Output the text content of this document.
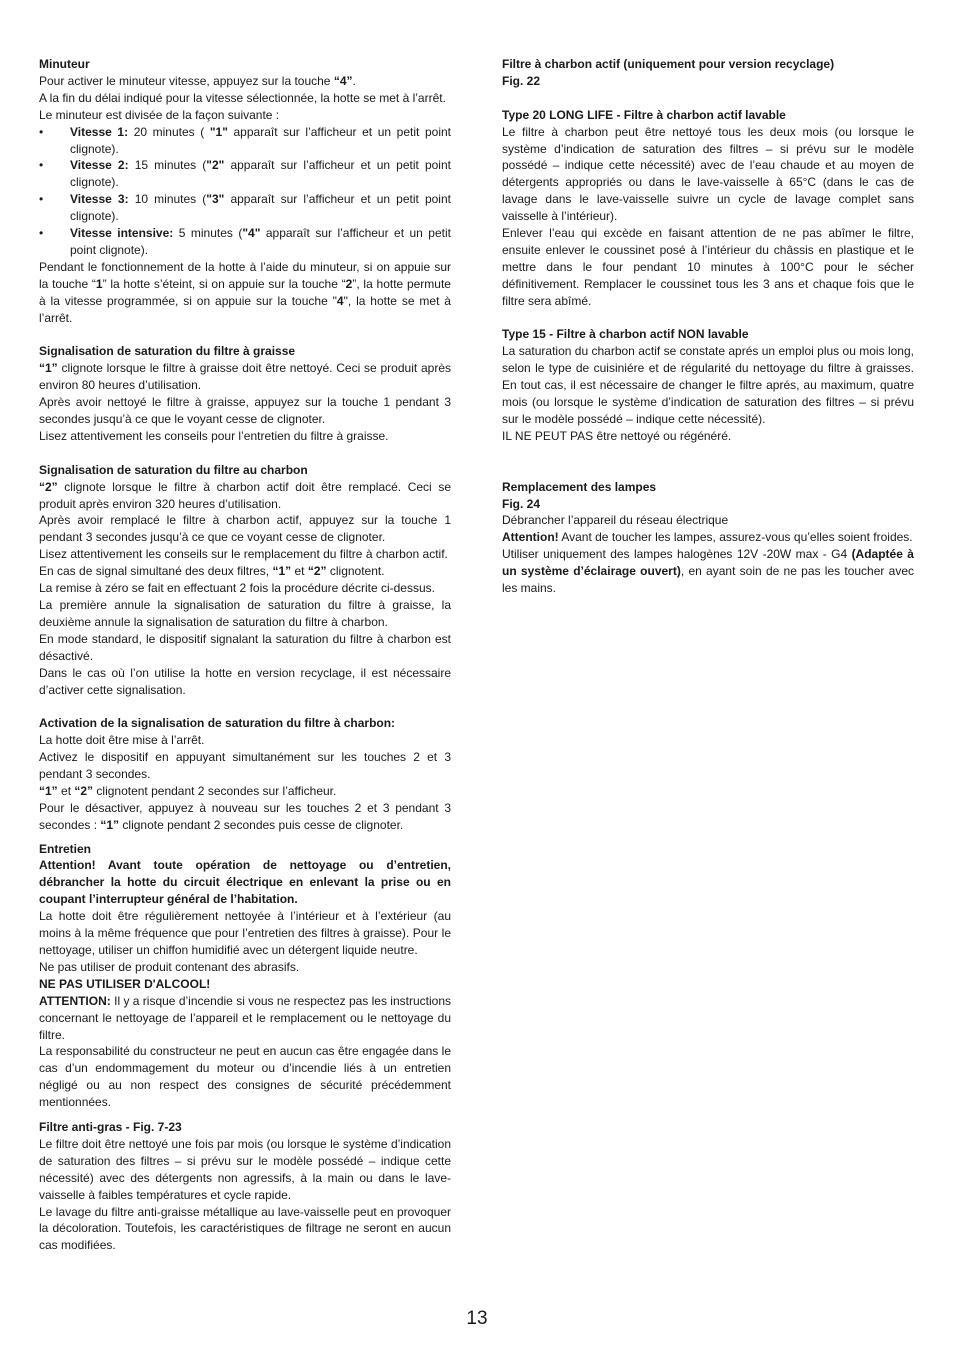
Minuteur

Pour activer le minuteur vitesse, appuyez sur la touche “4”.

A la fin du délai indiqué pour la vitesse sélectionnée, la hotte se met à l’arrêt.

Le minuteur est divisée de la façon suivante :

• Vitesse 1: 20 minutes ( "1" apparaît sur l’afficheur et un petit point clignote).
• Vitesse 2: 15 minutes ("2" apparaît sur l’afficheur et un petit point clignote).
• Vitesse 3: 10 minutes ("3" apparaît sur l’afficheur et un petit point clignote).
• Vitesse intensive: 5 minutes ("4" apparaît sur l’afficheur et un petit point clignote).

Pendant le fonctionnement de la hotte à l’aide du minuteur, si on appuie sur la touche “1” la hotte s’éteint, si on appuie sur la touche “2”, la hotte permute à la vitesse programmée, si on appuie sur la touche "4", la hotte se met à l’arrêt.

Signalisation de saturation du filtre à graisse

“1” clignote lorsque le filtre à graisse doit être nettoyé. Ceci se produit après environ 80 heures d’utilisation.

Après avoir nettoyé le filtre à graisse, appuyez sur la touche 1 pendant 3 secondes jusqu’à ce que le voyant cesse de clignoter.

Lisez attentivement les conseils pour l’entretien du filtre à graisse.

Signalisation de saturation du filtre au charbon

“2” clignote lorsque le filtre à charbon actif doit être remplacé. Ceci se produit après environ 320 heures d’utilisation.

Après avoir remplacé le filtre à charbon actif, appuyez sur la touche 1 pendant 3 secondes jusqu’à ce que ce voyant cesse de clignoter.

Lisez attentivement les conseils sur le remplacement du filtre à charbon actif.

En cas de signal simultané des deux filtres, “1” et “2” clignotent.

La remise à zéro se fait en effectuant 2 fois la procédure décrite ci-dessus.

La première annule la signalisation de saturation du filtre à graisse, la deuxième annule la signalisation de saturation du filtre à charbon.

En mode standard, le dispositif signalant la saturation du filtre à charbon est désactivé.

Dans le cas où l’on utilise la hotte en version recyclage, il est nécessaire d’activer cette signalisation.

Activation de la signalisation de saturation du filtre à charbon:

La hotte doit être mise à l’arrêt.

Activez le dispositif en appuyant simultanément sur les touches 2 et 3 pendant 3 secondes.

“1” et “2” clignotent pendant 2 secondes sur l’afficheur.

Pour le désactiver, appuyez à nouveau sur les touches 2 et 3 pendant 3 secondes : “1” clignote pendant 2 secondes puis cesse de clignoter.

Entretien

Attention! Avant toute opération de nettoyage ou d’entretien, débrancher la hotte du circuit électrique en enlevant la prise ou en coupant l’interrupteur général de l’habitation.

La hotte doit être régulièrement nettoyée à l’intérieur et à l’extérieur (au moins à la même fréquence que pour l’entretien des filtres à graisse). Pour le nettoyage, utiliser un chiffon humidifié avec un détergent liquide neutre.

Ne pas utiliser de produit contenant des abrasifs.

NE PAS UTILISER D'ALCOOL!

ATTENTION: Il y a risque d’incendie si vous ne respectez pas les instructions concernant le nettoyage de l’appareil et le remplacement ou le nettoyage du filtre.

La responsabilité du constructeur ne peut en aucun cas être engagée dans le cas d’un endommagement du moteur ou d’incendie liés à un entretien négligé ou au non respect des consignes de sécurité précédemment mentionnées.

Filtre anti-gras - Fig. 7-23

Le filtre doit être nettoyé une fois par mois (ou lorsque le système d’indication de saturation des filtres – si prévu sur le modèle possédé – indique cette nécessité) avec des détergents non agressifs, à la main ou dans le lave-vaisselle à faibles températures et cycle rapide.

Le lavage du filtre anti-graisse métallique au lave-vaisselle peut en provoquer la décoloration. Toutefois, les caractéristiques de filtrage ne seront en aucun cas modifiées.

Filtre à charbon actif (uniquement pour version recyclage)
Fig. 22
Type 20 LONG LIFE - Filtre à charbon actif lavable

Le filtre à charbon peut être nettoyé tous les deux mois (ou lorsque le système d’indication de saturation des filtres – si prévu sur le modèle possédé – indique cette nécessité) avec de l’eau chaude et au moyen de détergents appropriés ou dans le lave-vaisselle à 65°C (dans le cas de lavage dans le lave-vaisselle suivre un cycle de lavage complet sans vaisselle à l’intérieur).

Enlever l’eau qui excède en faisant attention de ne pas abîmer le filtre, ensuite enlever le coussinet posé à l’intérieur du châssis en plastique et le mettre dans le four pendant 10 minutes à 100°C pour le sécher définitivement. Remplacer le coussinet tous les 3 ans et chaque fois que le filtre sera abîmé.

Type 15 - Filtre à charbon actif NON lavable

La saturation du charbon actif se constate aprés un emploi plus ou mois long, selon le type de cuisiniére et de régularité du nettoyage du filtre à graisses. En tout cas, il est nécessaire de changer le filtre aprés, au maximum, quatre mois (ou lorsque le système d’indication de saturation des filtres – si prévu sur le modèle possédé – indique cette nécessité).

IL NE PEUT PAS être nettoyé ou régénéré.

Remplacement des lampes
Fig. 24

Débrancher l’appareil du réseau électrique

Attention! Avant de toucher les lampes, assurez-vous qu’elles soient froides.

Utiliser uniquement des lampes halogènes 12V -20W max - G4 (Adaptée à un système d’éclairage ouvert), en ayant soin de ne pas les toucher avec les mains.

13
